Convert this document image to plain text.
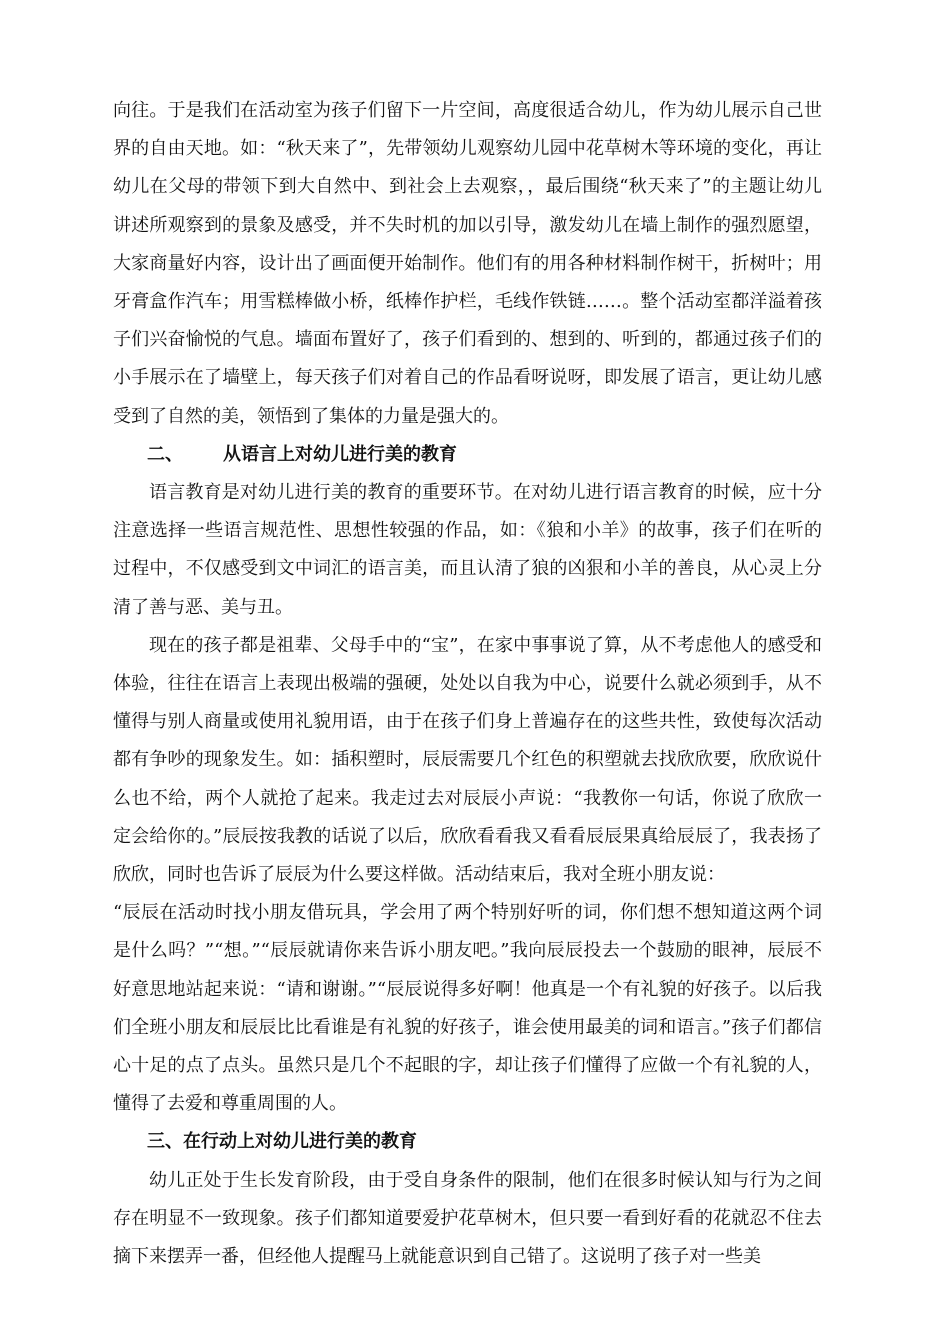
向往。于是我们在活动室为孩子们留下一片空间，高度很适合幼儿，作为幼儿展示自己世界的自由天地。如：“秋天来了”，先带领幼儿观察幼儿园中花草树木等环境的变化，再让幼儿在父母的带领下到大自然中、到社会上去观察，，最后围绕“秋天来了”的主题让幼儿讲述所观察到的景象及感受，并不失时机的加以引导，激发幼儿在墙上制作的强烈愿望，大家商量好内容，设计出了画面便开始制作。他们有的用各种材料制作树干，折树叶；用牙膏盒作汽车；用雪糕棒做小桥，纸棒作护栏，毛线作铁链……。整个活动室都洋溢着孩子们兴奋愉悦的气息。墙面布置好了，孩子们看到的、想到的、听到的，都通过孩子们的小手展示在了墙壁上，每天孩子们对着自己的作品看呀说呀，即发展了语言，更让幼儿感受到了自然的美，领悟到了集体的力量是强大的。

二、 从语言上对幼儿进行美的教育

语言教育是对幼儿进行美的教育的重要环节。在对幼儿进行语言教育的时候，应十分注意选择一些语言规范性、思想性较强的作品，如：《狼和小羊》的故事，孩子们在听的过程中，不仅感受到文中词汇的语言美，而且认清了狼的凶狠和小羊的善良，从心灵上分清了善与恶、美与丑。

现在的孩子都是祖辈、父母手中的“宝”，在家中事事说了算，从不考虑他人的感受和体验，往往在语言上表现出极端的强硬，处处以自我为中心，说要什么就必须到手，从不懂得与别人商量或使用礼貌用语，由于在孩子们身上普遍存在的这些共性，致使每次活动都有争吵的现象发生。如：插积塑时，辰辰需要几个红色的积塑就去找欣欣要，欣欣说什么也不给，两个人就抢了起来。我走过去对辰辰小声说：“我教你一句话，你说了欣欣一定会给你的。”辰辰按我教的话说了以后，欣欣看看我又看看辰辰果真给辰辰了，我表扬了欣欣，同时也告诉了辰辰为什么要这样做。活动结束后，我对全班小朋友说：

“辰辰在活动时找小朋友借玩具，学会用了两个特别好听的词，你们想不想知道这两个词是什么吗？”“想。”“辰辰就请你来告诉小朋友吧。”我向辰辰投去一个鼓励的眼神，辰辰不好意思地站起来说：“请和谢谢。”“辰辰说得多好啊！他真是一个有礼貌的好孩子。以后我们全班小朋友和辰辰比比看谁是有礼貌的好孩子，谁会使用最美的词和语言。”孩子们都信心十足的点了点头。虽然只是几个不起眼的字，却让孩子们懂得了应做一个有礼貌的人，懂得了去爱和尊重周围的人。

三、在行动上对幼儿进行美的教育

幼儿正处于生长发育阶段，由于受自身条件的限制，他们在很多时候认知与行为之间存在明显不一致现象。孩子们都知道要爱护花草树木，但只要一看到好看的花就忍不住去摘下来摆弄一番，但经他人提醒马上就能意识到自己错了。这说明了孩子对一些美
